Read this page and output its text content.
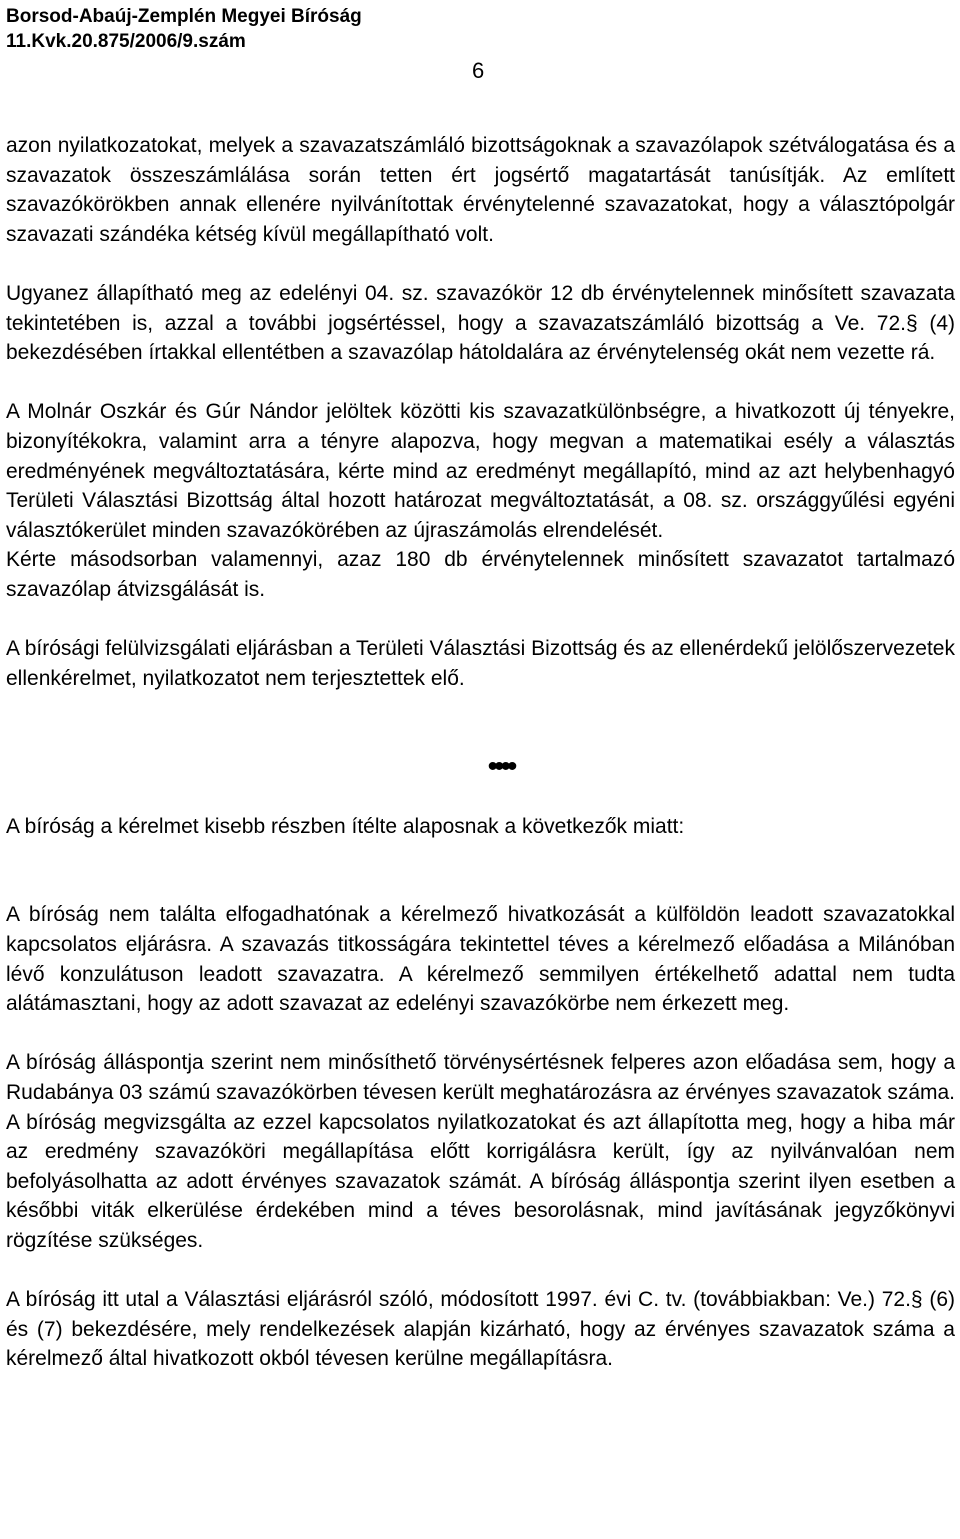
Borsod-Abaúj-Zemplén Megyei Bíróság
11.Kvk.20.875/2006/9.szám
6

azon nyilatkozatokat, melyek a szavazatszámláló bizottságoknak a szavazólapok szétválogatása és a szavazatok összeszámlálása során tetten ért jogsértő magatartását tanúsítják. Az említett szavazókörökben annak ellenére nyilvánítottak érvénytelenné szavazatokat, hogy a választópolgár szavazati szándéka kétség kívül megállapítható volt.

Ugyanez állapítható meg az edelényi 04. sz. szavazókör 12 db érvénytelennek minősített szavazata tekintetében is, azzal a további jogsértéssel, hogy a szavazatszámláló bizottság a Ve. 72.§ (4) bekezdésében írtakkal ellentétben a szavazólap hátoldalára az érvénytelenség okát nem vezette rá.

A Molnár Oszkár és Gúr Nándor jelöltek közötti kis szavazatkülönbségre, a hivatkozott új tényekre, bizonyítékokra, valamint arra a tényre alapozva, hogy megvan a matematikai esély a választás eredményének megváltoztatására, kérte mind az eredményt megállapító, mind az azt helybenhagyó Területi Választási Bizottság által hozott határozat megváltoztatását, a 08. sz. országgyűlési egyéni választókerület minden szavazókörében az újraszámolás elrendelését.

Kérte másodsorban valamennyi, azaz 180 db érvénytelennek minősített szavazatot tartalmazó szavazólap átvizsgálását is.

A bírósági felülvizsgálati eljárásban a Területi Választási Bizottság és az ellenérdekű jelölőszervezetek ellenkérelmet, nyilatkozatot nem terjesztettek elő.

••••

A bíróság a kérelmet kisebb részben ítélte alaposnak a következők miatt:

A bíróság nem találta elfogadhatónak a kérelmező hivatkozását a külföldön leadott szavazatokkal kapcsolatos eljárásra. A szavazás titkosságára tekintettel téves a kérelmező előadása a Milánóban lévő konzulátuson leadott szavazatra. A kérelmező semmilyen értékelhető adattal nem tudta alátámasztani, hogy az adott szavazat az edelényi szavazókörbe nem érkezett meg.

A bíróság álláspontja szerint nem minősíthető törvénysértésnek felperes azon előadása sem, hogy a Rudabánya 03 számú szavazókörben tévesen került meghatározásra az érvényes szavazatok száma. A bíróság megvizsgálta az ezzel kapcsolatos nyilatkozatokat és azt állapította meg, hogy a hiba már az eredmény szavazóköri megállapítása előtt korrigálásra került, így az nyilvánvalóan nem befolyásolhatta az adott érvényes szavazatok számát. A bíróság álláspontja szerint ilyen esetben a későbbi viták elkerülése érdekében mind a téves besorolásnak, mind javításának jegyzőkönyvi rögzítése szükséges.

A bíróság itt utal a Választási eljárásról szóló, módosított 1997. évi C. tv. (továbbiakban: Ve.) 72.§ (6) és (7) bekezdésére, mely rendelkezések alapján kizárható, hogy az érvényes szavazatok száma a kérelmező által hivatkozott okból tévesen kerülne megállapításra.
